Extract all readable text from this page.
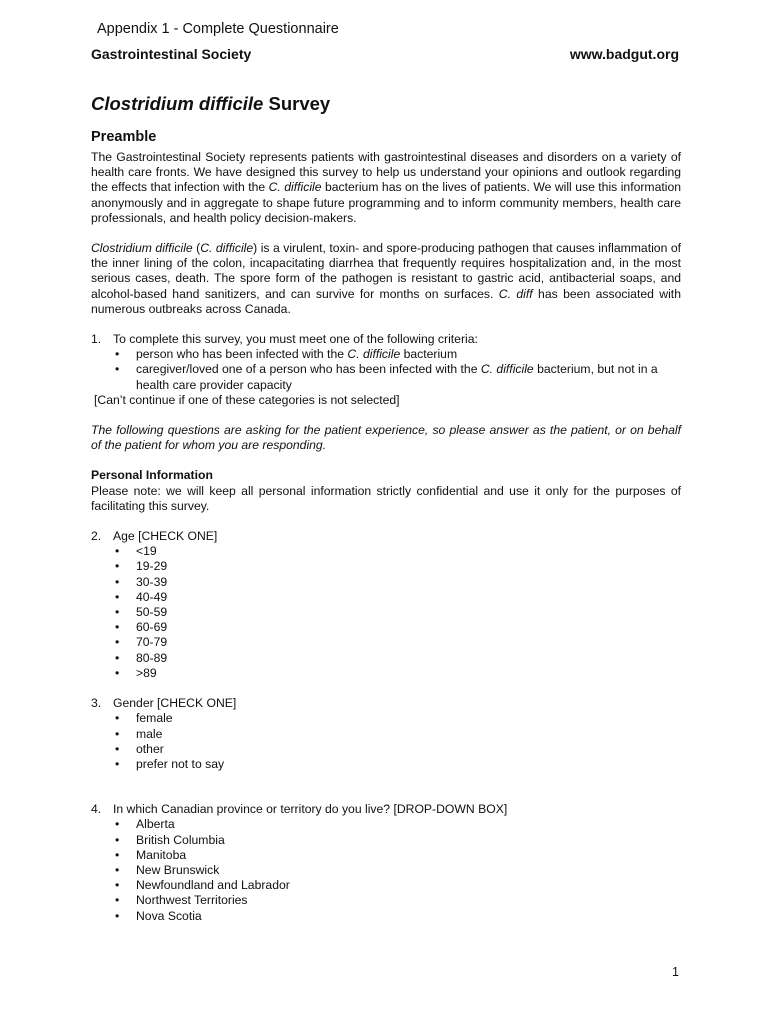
Appendix 1 - Complete Questionnaire
Gastrointestinal Society	www.badgut.org
Clostridium difficile Survey
Preamble

The Gastrointestinal Society represents patients with gastrointestinal diseases and disorders on a variety of health care fronts. We have designed this survey to help us understand your opinions and outlook regarding the effects that infection with the C. difficile bacterium has on the lives of patients. We will use this information anonymously and in aggregate to shape future programming and to inform community members, health care professionals, and health policy decision-makers.

Clostridium difficile (C. difficile) is a virulent, toxin- and spore-producing pathogen that causes inflammation of the inner lining of the colon, incapacitating diarrhea that frequently requires hospitalization and, in the most serious cases, death. The spore form of the pathogen is resistant to gastric acid, antibacterial soaps, and alcohol-based hand sanitizers, and can survive for months on surfaces. C. diff has been associated with numerous outbreaks across Canada.

1. To complete this survey, you must meet one of the following criteria:
• person who has been infected with the C. difficile bacterium
• caregiver/loved one of a person who has been infected with the C. difficile bacterium, but not in a health care provider capacity
[Can’t continue if one of these categories is not selected]

The following questions are asking for the patient experience, so please answer as the patient, or on behalf of the patient for whom you are responding.

Personal Information

Please note: we will keep all personal information strictly confidential and use it only for the purposes of facilitating this survey.

2. Age [CHECK ONE]
• <19
• 19-29
• 30-39
• 40-49
• 50-59
• 60-69
• 70-79
• 80-89
• >89
3. Gender [CHECK ONE]
• female
• male
• other
• prefer not to say
4. In which Canadian province or territory do you live? [DROP-DOWN BOX]
• Alberta
• British Columbia
• Manitoba
• New Brunswick
• Newfoundland and Labrador
• Northwest Territories
• Nova Scotia
1
